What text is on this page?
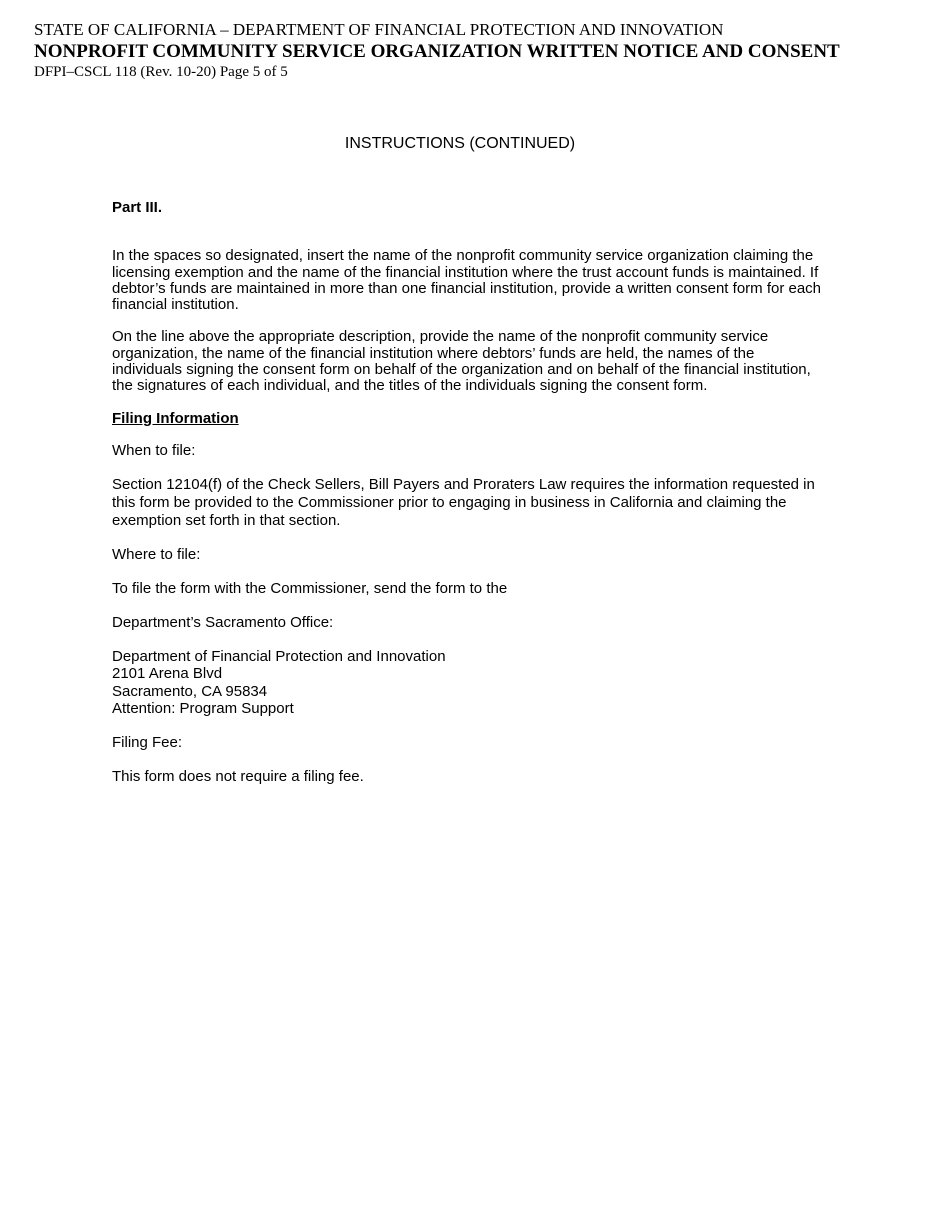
STATE OF CALIFORNIA – DEPARTMENT OF FINANCIAL PROTECTION AND INNOVATION
NONPROFIT COMMUNITY SERVICE ORGANIZATION WRITTEN NOTICE AND CONSENT
DFPI–CSCL 118 (Rev. 10-20) Page 5 of 5
INSTRUCTIONS (CONTINUED)

Part III.

In the spaces so designated, insert the name of the nonprofit community service organization claiming the licensing exemption and the name of the financial institution where the trust account funds is maintained. If debtor’s funds are maintained in more than one financial institution, provide a written consent form for each financial institution.

On the line above the appropriate description, provide the name of the nonprofit community service organization, the name of the financial institution where debtors’ funds are held, the names of the individuals signing the consent form on behalf of the organization and on behalf of the financial institution, the signatures of each individual, and the titles of the individuals signing the consent form.

Filing Information

When to file:

Section 12104(f) of the Check Sellers, Bill Payers and Proraters Law requires the information requested in this form be provided to the Commissioner prior to engaging in business in California and claiming the exemption set forth in that section.

Where to file:

To file the form with the Commissioner, send the form to the

Department’s Sacramento Office:

Department of Financial Protection and Innovation
2101 Arena Blvd
Sacramento, CA 95834
Attention: Program Support

Filing Fee:

This form does not require a filing fee.
